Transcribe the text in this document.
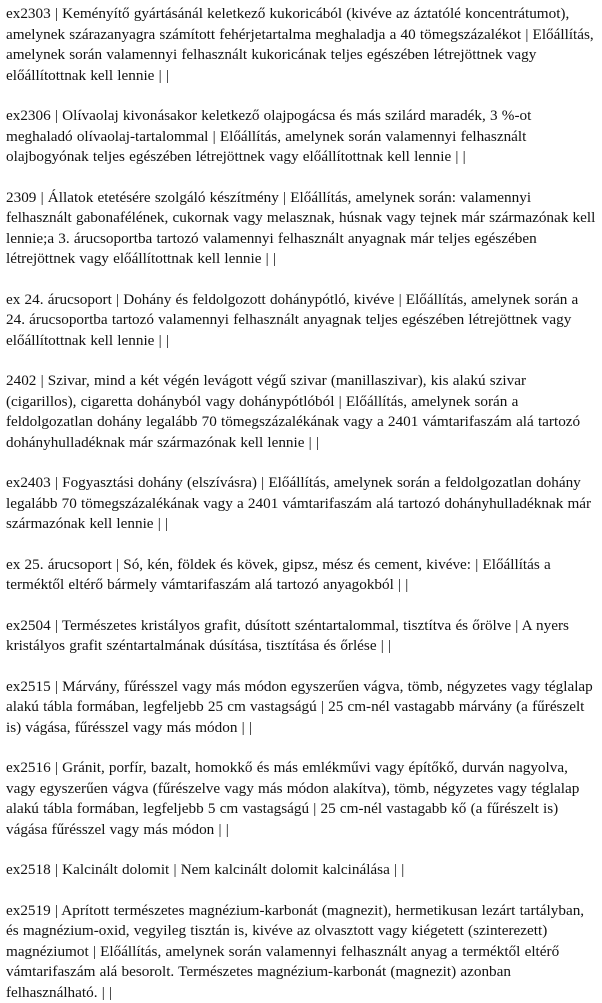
ex2303 | Keményítő gyártásánál keletkező kukoricából (kivéve az áztatólé koncentrátumot), amelynek szárazanyagra számított fehérjetartalma meghaladja a 40 tömegszázalékot | Előállítás, amelynek során valamennyi felhasznált kukoricának teljes egészében létrejöttnek vagy előállítottnak kell lennie | |

ex2306 | Olívaolaj kivonásakor keletkező olajpogácsa és más szilárd maradék, 3 %-ot meghaladó olívaolaj-tartalommal | Előállítás, amelynek során valamennyi felhasznált olajbogyónak teljes egészében létrejöttnek vagy előállítottnak kell lennie | |

2309 | Állatok etetésére szolgáló készítmény | Előállítás, amelynek során: valamennyi felhasznált gabonafélének, cukornak vagy melasznak, húsnak vagy tejnek már származónak kell lennie;a 3. árucsoportba tartozó valamennyi felhasznált anyagnak már teljes egészében létrejöttnek vagy előállítottnak kell lennie | |

ex 24. árucsoport | Dohány és feldolgozott dohánypótló, kivéve | Előállítás, amelynek során a 24. árucsoportba tartozó valamennyi felhasznált anyagnak teljes egészében létrejöttnek vagy előállítottnak kell lennie | |

2402 | Szivar, mind a két végén levágott végű szivar (manillaszivar), kis alakú szivar (cigarillos), cigaretta dohányból vagy dohánypótlóból | Előállítás, amelynek során a feldolgozatlan dohány legalább 70 tömegszázalékának vagy a 2401 vámtarifaszám alá tartozó dohányhulladéknak már származónak kell lennie | |

ex2403 | Fogyasztási dohány (elszívásra) | Előállítás, amelynek során a feldolgozatlan dohány legalább 70 tömegszázalékának vagy a 2401 vámtarifaszám alá tartozó dohányhulladéknak már származónak kell lennie | |

ex 25. árucsoport | Só, kén, földek és kövek, gipsz, mész és cement, kivéve: | Előállítás a terméktől eltérő bármely vámtarifaszám alá tartozó anyagokból | |

ex2504 | Természetes kristályos grafit, dúsított széntartalommal, tisztítva és őrölve | A nyers kristályos grafit széntartalmának dúsítása, tisztítása és őrlése | |

ex2515 | Márvány, fűrésszel vagy más módon egyszerűen vágva, tömb, négyzetes vagy téglalap alakú tábla formában, legfeljebb 25 cm vastagságú | 25 cm-nél vastagabb márvány (a fűrészelt is) vágása, fűrésszel vagy más módon | |

ex2516 | Gránit, porfír, bazalt, homokkő és más emlékművi vagy építőkő, durván nagyolva, vagy egyszerűen vágva (fűrészelve vagy más módon alakítva), tömb, négyzetes vagy téglalap alakú tábla formában, legfeljebb 5 cm vastagságú | 25 cm-nél vastagabb kő (a fűrészelt is) vágása fűrésszel vagy más módon | |

ex2518 | Kalcinált dolomit | Nem kalcinált dolomit kalcinálása | |

ex2519 | Aprított természetes magnézium-karbonát (magnezit), hermetikusan lezárt tartályban, és magnézium-oxid, vegyileg tisztán is, kivéve az olvasztott vagy kiégetett (szinterezett) magnéziumot | Előállítás, amelynek során valamennyi felhasznált anyag a terméktől eltérő vámtarifaszám alá besorolt. Természetes magnézium-karbonát (magnezit) azonban felhasználható. | |
